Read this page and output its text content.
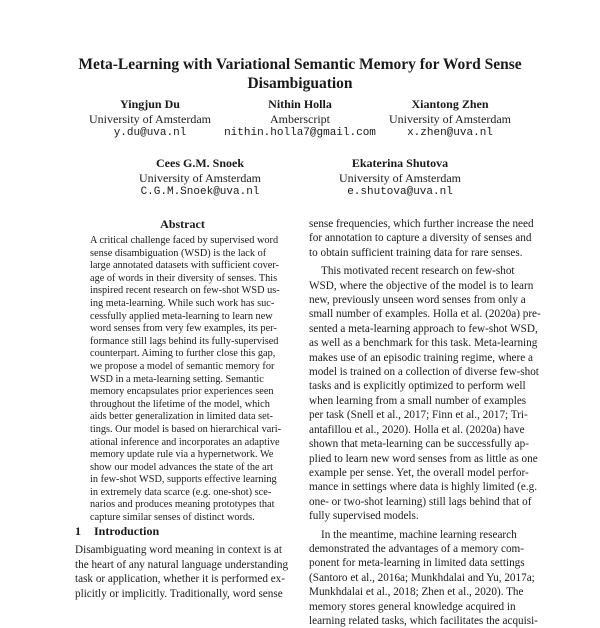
Meta-Learning with Variational Semantic Memory for Word Sense
Disambiguation
Yingjun Du
University of Amsterdam
y.du@uva.nl
Nithin Holla
Amberscript
nithin.holla7@gmail.com
Xiantong Zhen
University of Amsterdam
x.zhen@uva.nl
Cees G.M. Snoek
University of Amsterdam
C.G.M.Snoek@uva.nl
Ekaterina Shutova
University of Amsterdam
e.shutova@uva.nl
Abstract
A critical challenge faced by supervised word
sense disambiguation (WSD) is the lack of
large annotated datasets with sufficient cover-
age of words in their diversity of senses. This
inspired recent research on few-shot WSD us-
ing meta-learning. While such work has suc-
cessfully applied meta-learning to learn new
word senses from very few examples, its per-
formance still lags behind its fully-supervised
counterpart. Aiming to further close this gap,
we propose a model of semantic memory for
WSD in a meta-learning setting. Semantic
memory encapsulates prior experiences seen
throughout the lifetime of the model, which
aids better generalization in limited data set-
tings. Our model is based on hierarchical vari-
ational inference and incorporates an adaptive
memory update rule via a hypernetwork. We
show our model advances the state of the art
in few-shot WSD, supports effective learning
in extremely data scarce (e.g. one-shot) sce-
narios and produces meaning prototypes that
capture similar senses of distinct words.
1 Introduction
Disambiguating word meaning in context is at
the heart of any natural language understanding
task or application, whether it is performed ex-
plicitly or implicitly. Traditionally, word sense
sense frequencies, which further increase the need
for annotation to capture a diversity of senses and
to obtain sufficient training data for rare senses.
This motivated recent research on few-shot
WSD, where the objective of the model is to learn
new, previously unseen word senses from only a
small number of examples. Holla et al. (2020a) pre-
sented a meta-learning approach to few-shot WSD,
as well as a benchmark for this task. Meta-learning
makes use of an episodic training regime, where a
model is trained on a collection of diverse few-shot
tasks and is explicitly optimized to perform well
when learning from a small number of examples
per task (Snell et al., 2017; Finn et al., 2017; Tri-
antafillou et al., 2020). Holla et al. (2020a) have
shown that meta-learning can be successfully ap-
plied to learn new word senses from as little as one
example per sense. Yet, the overall model perfor-
mance in settings where data is highly limited (e.g.
one- or two-shot learning) still lags behind that of
fully supervised models.
In the meantime, machine learning research
demonstrated the advantages of a memory com-
ponent for meta-learning in limited data settings
(Santoro et al., 2016a; Munkhdalai and Yu, 2017a;
Munkhdalai et al., 2018; Zhen et al., 2020). The
memory stores general knowledge acquired in
learning related tasks, which facilitates the acquisi-
